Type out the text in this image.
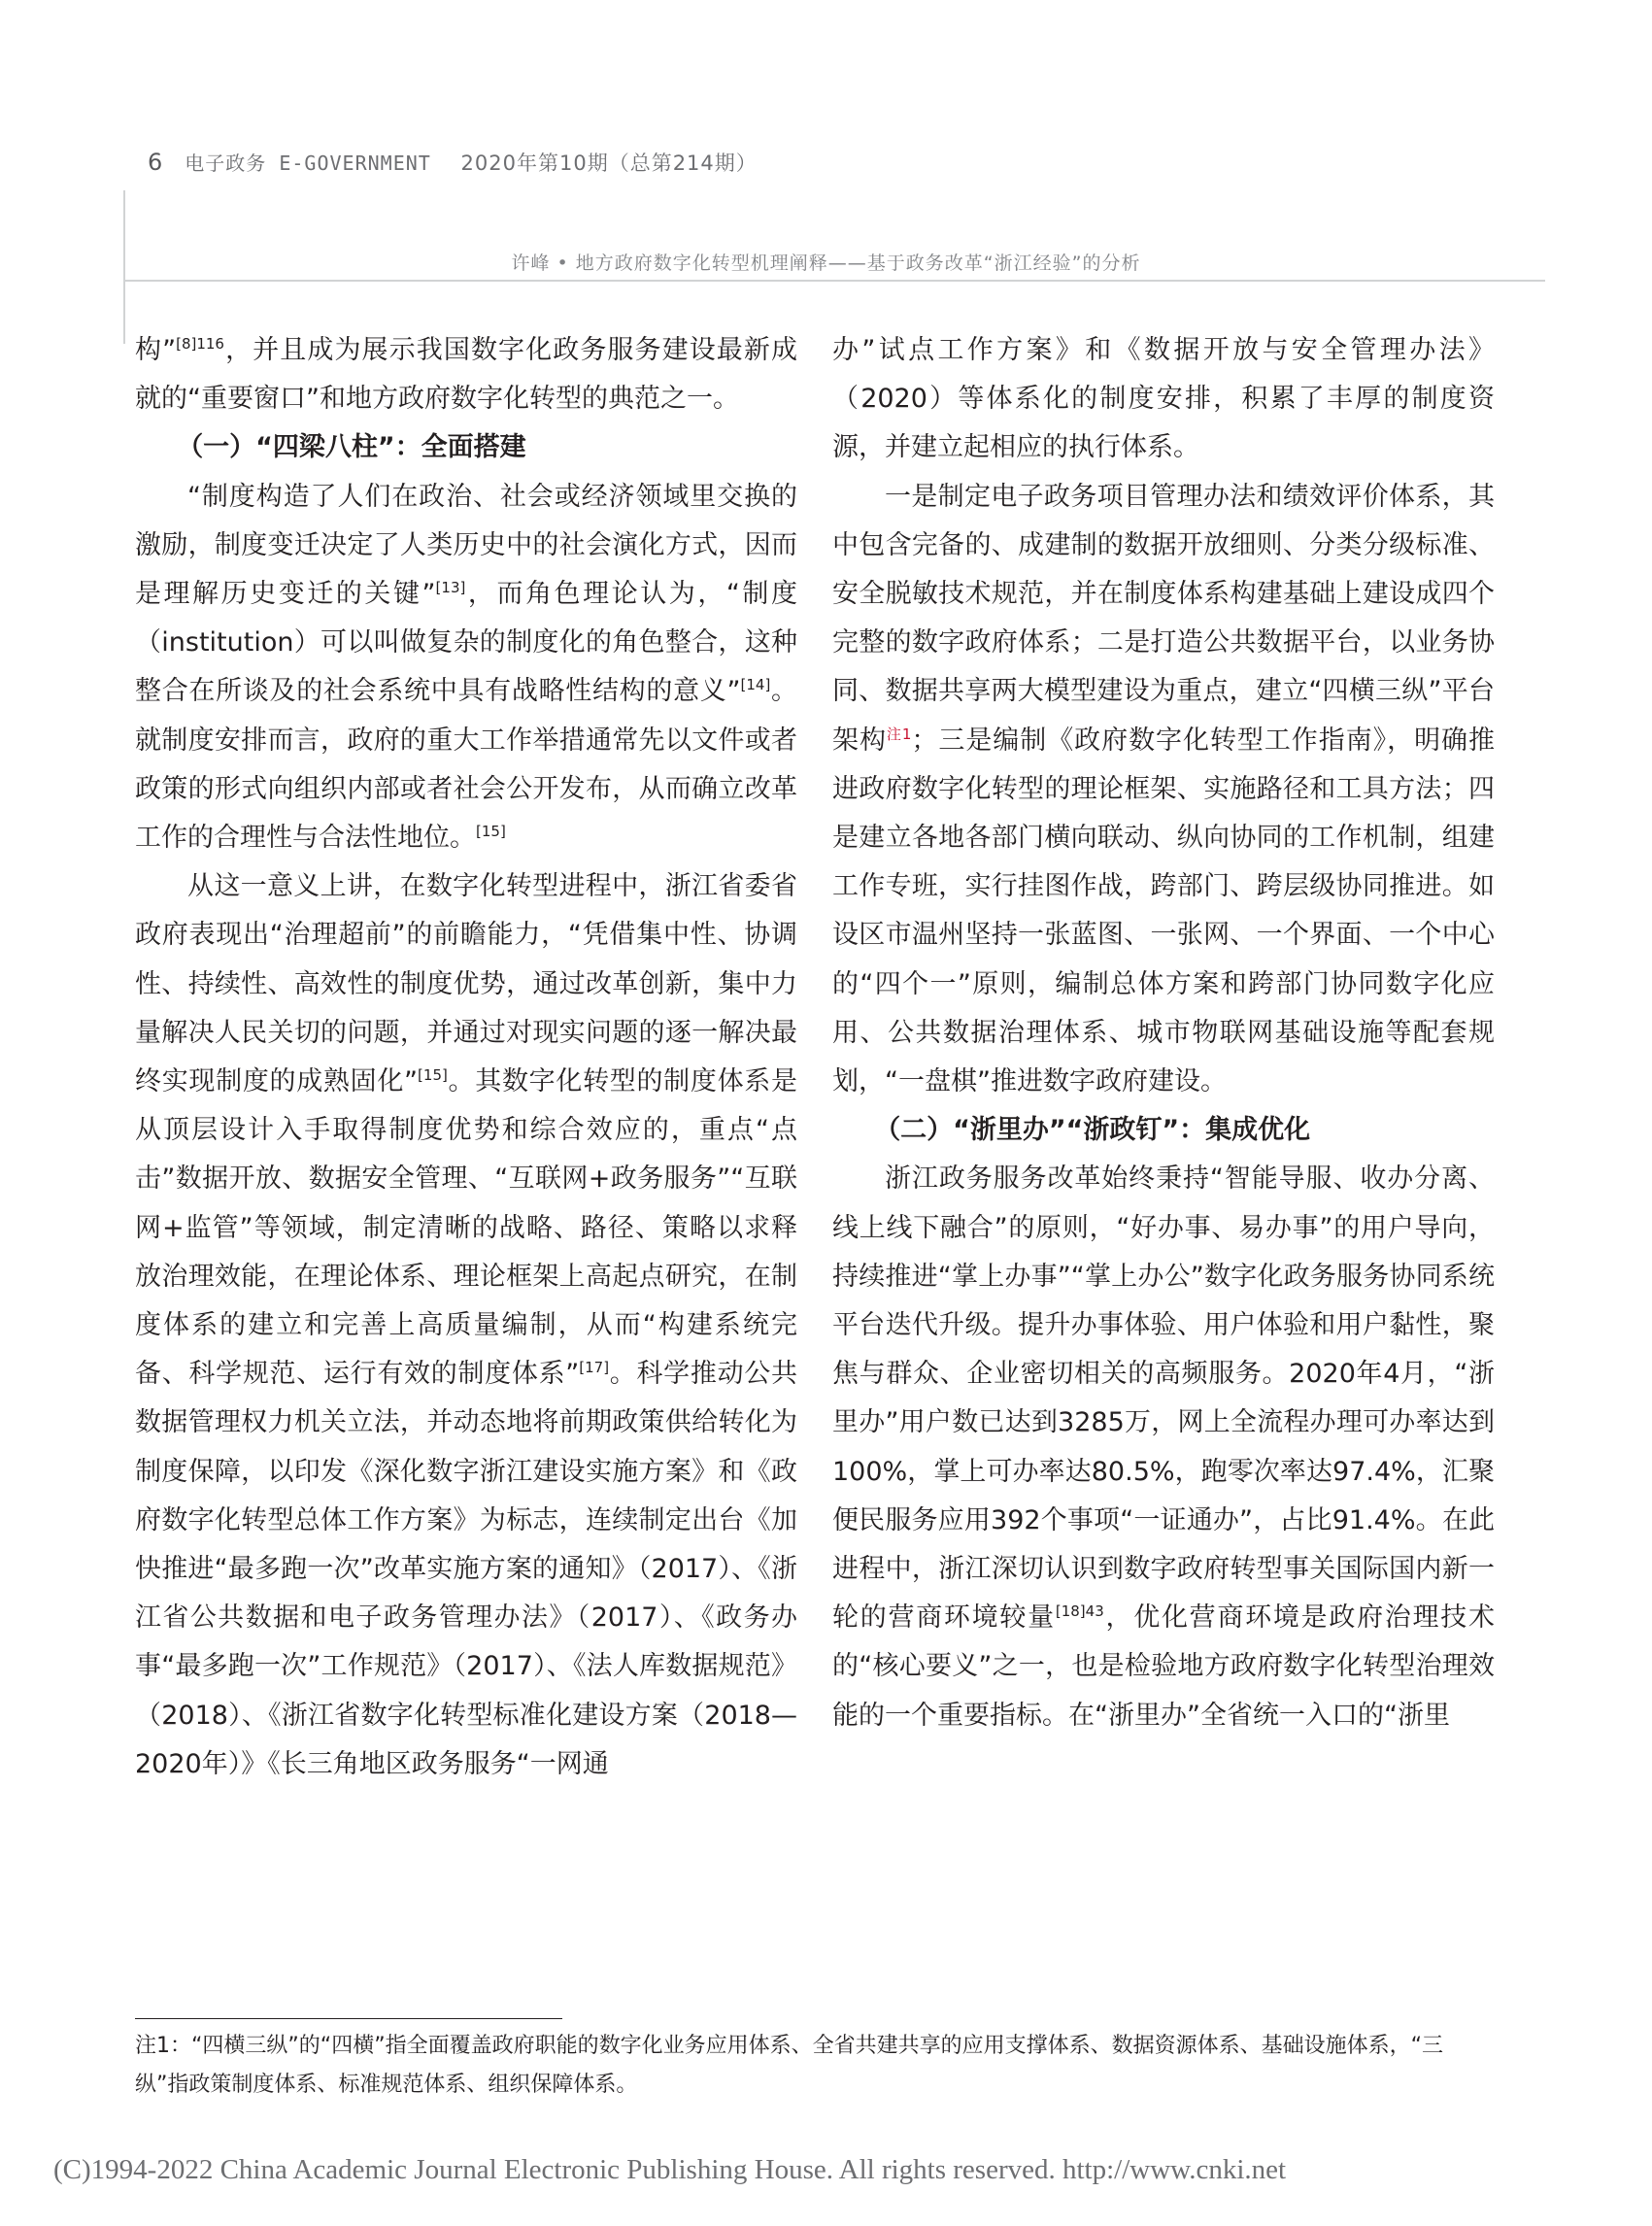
6 电子政务 E-GOVERNMENT 2020年第10期（总第214期）
许峰 • 地方政府数字化转型机理阐释——基于政务改革“浙江经验”的分析

构”$^{[8]116}$，并且成为展示我国数字化政务服务建设最新成就的“重要窗口”和地方政府数字化转型的典范之一。

（一）“四梁八柱”：全面搭建

“制度构造了人们在政治、社会或经济领域里交换的激励，制度变迁决定了人类历史中的社会演化方式，因而是理解历史变迁的关键”[13]，而角色理论认为，“制度（institution）可以叫做复杂的制度化的角色整合，这种整合在所谈及的社会系统中具有战略性结构的意义”[14]。就制度安排而言，政府的重大工作举措通常先以文件或者政策的形式向组织内部或者社会公开发布，从而确立改革工作的合理性与合法性地位。[15]

从这一意义上讲，在数字化转型进程中，浙江省委省政府表现出“治理超前”的前瞻能力，“凭借集中性、协调性、持续性、高效性的制度优势，通过改革创新，集中力量解决人民关切的问题，并通过对现实问题的逐一解决最终实现制度的成熟固化”[15]。其数字化转型的制度体系是从顶层设计入手取得制度优势和综合效应的，重点“点击”数据开放、数据安全管理、“互联网+政务服务”“互联网+监管”等领域，制定清晰的战略、路径、策略以求释放治理效能，在理论体系、理论框架上高起点研究，在制度体系的建立和完善上高质量编制，从而“构建系统完备、科学规范、运行有效的制度体系”[17]。科学推动公共数据管理权力机关立法，并动态地将前期政策供给转化为制度保障，以印发《深化数字浙江建设实施方案》和《政府数字化转型总体工作方案》为标志，连续制定出台《加快推进“最多跑一次”改革实施方案的通知》（2017）、《浙江省公共数据和电子政务管理办法》（2017）、《政务办事“最多跑一次”工作规范》（2017）、《法人库数据规范》（2018）、《浙江省数字化转型标准化建设方案（2018—2020年）》《长三角地区政务服务“一网通

办”试点工作方案》和《数据开放与安全管理办法》（2020）等体系化的制度安排，积累了丰厚的制度资源，并建立起相应的执行体系。

一是制定电子政务项目管理办法和绩效评价体系，其中包含完备的、成建制的数据开放细则、分类分级标准、安全脱敏技术规范，并在制度体系构建基础上建设成四个完整的数字政府体系；二是打造公共数据平台，以业务协同、数据共享两大模型建设为重点，建立“四横三纵”平台架构$^{注1}$；三是编制《政府数字化转型工作指南》，明确推进政府数字化转型的理论框架、实施路径和工具方法；四是建立各地各部门横向联动、纵向协同的工作机制，组建工作专班，实行挂图作战，跨部门、跨层级协同推进。如设区市温州坚持一张蓝图、一张网、一个界面、一个中心的“四个一”原则，编制总体方案和跨部门协同数字化应用、公共数据治理体系、城市物联网基础设施等配套规划，“一盘棋”推进数字政府建设。

（二）“浙里办”“浙政钉”：集成优化

浙江政务服务改革始终秉持“智能导服、收办分离、线上线下融合”的原则，“好办事、易办事”的用户导向，持续推进“掌上办事”“掌上办公”数字化政务服务协同系统平台迭代升级。提升办事体验、用户体验和用户黏性，聚焦与群众、企业密切相关的高频服务。2020年4月，“浙里办”用户数已达到3285万，网上全流程办理可办率达到100%，掌上可办率达80.5%，跑零次率达97.4%，汇聚便民服务应用392个事项“一证通办”，占比91.4%。在此进程中，浙江深切认识到数字政府转型事关国际国内新一轮的营商环境较量$^{[18]43}$，优化营商环境是政府治理技术的“核心要义”之一，也是检验地方政府数字化转型治理效能的一个重要指标。在“浙里办”全省统一入口的“浙里

注1：“四横三纵”的“四横”指全面覆盖政府职能的数字化业务应用体系、全省共建共享的应用支撑体系、数据资源体系、基础设施体系，“三纵”指政策制度体系、标准规范体系、组织保障体系。
(C)1994-2022 China Academic Journal Electronic Publishing House. All rights reserved. http://www.cnki.net
